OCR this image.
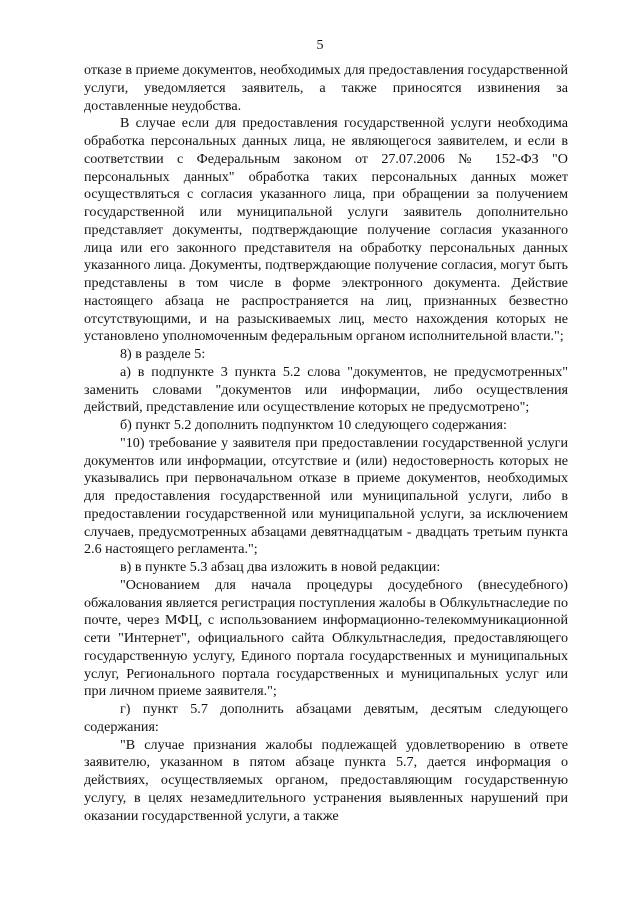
5

отказе в приеме документов, необходимых для предоставления государственной услуги, уведомляется заявитель, а также приносятся извинения за доставленные неудобства.

В случае если для предоставления государственной услуги необходима обработка персональных данных лица, не являющегося заявителем, и если в соответствии с Федеральным законом от 27.07.2006 № 152-ФЗ "О персональных данных" обработка таких персональных данных может осуществляться с согласия указанного лица, при обращении за получением государственной или муниципальной услуги заявитель дополнительно представляет документы, подтверждающие получение согласия указанного лица или его законного представителя на обработку персональных данных указанного лица. Документы, подтверждающие получение согласия, могут быть представлены в том числе в форме электронного документа. Действие настоящего абзаца не распространяется на лиц, признанных безвестно отсутствующими, и на разыскиваемых лиц, место нахождения которых не установлено уполномоченным федеральным органом исполнительной власти.";

8) в разделе 5:

а) в подпункте 3 пункта 5.2 слова "документов, не предусмотренных" заменить словами "документов или информации, либо осуществления действий, представление или осуществление которых не предусмотрено";

б) пункт 5.2 дополнить подпунктом 10 следующего содержания:

"10) требование у заявителя при предоставлении государственной услуги документов или информации, отсутствие и (или) недостоверность которых не указывались при первоначальном отказе в приеме документов, необходимых для предоставления государственной или муниципальной услуги, либо в предоставлении государственной или муниципальной услуги, за исключением случаев, предусмотренных абзацами девятнадцатым - двадцать третьим пункта 2.6 настоящего регламента.";

в) в пункте 5.3 абзац два изложить в новой редакции:

"Основанием для начала процедуры досудебного (внесудебного) обжалования является регистрация поступления жалобы в Облкультнаследие по почте, через МФЦ, с использованием информационно-телекоммуникационной сети "Интернет", официального сайта Облкультнаследия, предоставляющего государственную услугу, Единого портала государственных и муниципальных услуг, Регионального портала государственных и муниципальных услуг или при личном приеме заявителя.";

г) пункт 5.7 дополнить абзацами девятым, десятым следующего содержания:

"В случае признания жалобы подлежащей удовлетворению в ответе заявителю, указанном в пятом абзаце пункта 5.7, дается информация о действиях, осуществляемых органом, предоставляющим государственную услугу, в целях незамедлительного устранения выявленных нарушений при оказании государственной услуги, а также
